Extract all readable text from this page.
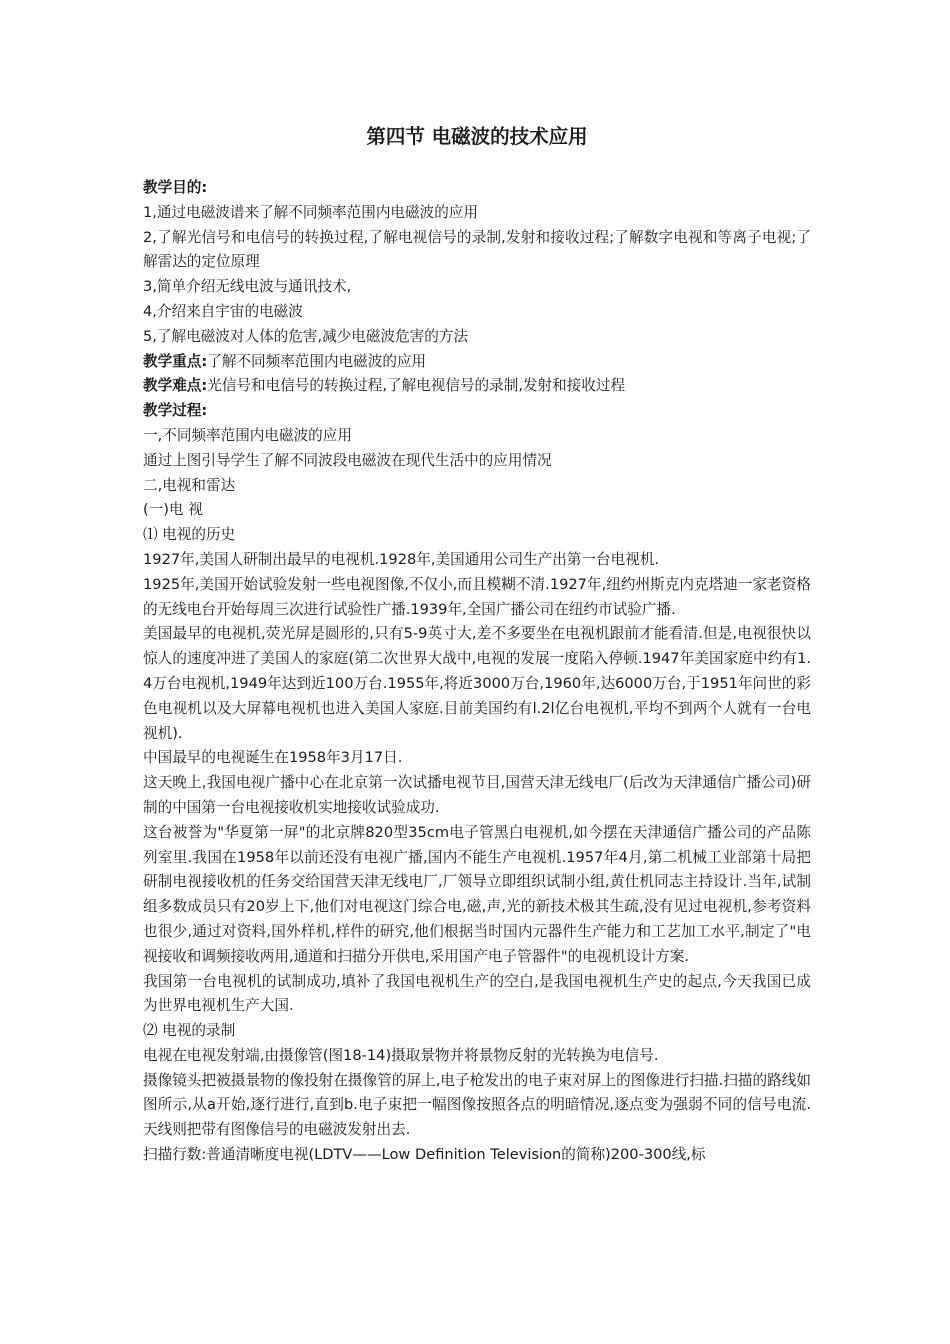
第四节 电磁波的技术应用

教学目的:

1,通过电磁波谱来了解不同频率范围内电磁波的应用

2,了解光信号和电信号的转换过程,了解电视信号的录制,发射和接收过程;了解数字电视和等离子电视;了解雷达的定位原理

3,简单介绍无线电波与通讯技术,

4,介绍来自宇宙的电磁波

5,了解电磁波对人体的危害,减少电磁波危害的方法

教学重点:了解不同频率范围内电磁波的应用

教学难点:光信号和电信号的转换过程,了解电视信号的录制,发射和接收过程

教学过程:

一,不同频率范围内电磁波的应用

通过上图引导学生了解不同波段电磁波在现代生活中的应用情况

二,电视和雷达

(一)电 视

⑴ 电视的历史

1927年,美国人研制出最早的电视机.1928年,美国通用公司生产出第一台电视机.

1925年,美国开始试验发射一些电视图像,不仅小,而且模糊不清.1927年,纽约州斯克内克塔迪一家老资格的无线电台开始每周三次进行试验性广播.1939年,全国广播公司在纽约市试验广播.

美国最早的电视机,荧光屏是圆形的,只有5-9英寸大,差不多要坐在电视机跟前才能看清.但是,电视很快以惊人的速度冲进了美国人的家庭(第二次世界大战中,电视的发展一度陷入停顿.1947年美国家庭中约有1.4万台电视机,1949年达到近100万台.1955年,将近3000万台,1960年,达6000万台,于1951年问世的彩色电视机以及大屏幕电视机也进入美国人家庭.目前美国约有l.2l亿台电视机,平均不到两个人就有一台电视机).

中国最早的电视诞生在1958年3月17日.

这天晚上,我国电视广播中心在北京第一次试播电视节目,国营天津无线电厂(后改为天津通信广播公司)研制的中国第一台电视接收机实地接收试验成功.

这台被誉为"华夏第一屏"的北京牌820型35cm电子管黑白电视机,如今摆在天津通信广播公司的产品陈列室里.我国在1958年以前还没有电视广播,国内不能生产电视机.1957年4月,第二机械工业部第十局把研制电视接收机的任务交给国营天津无线电厂,厂领导立即组织试制小组,黄仕机同志主持设计.当年,试制组多数成员只有20岁上下,他们对电视这门综合电,磁,声,光的新技术极其生疏,没有见过电视机,参考资料也很少,通过对资料,国外样机,样件的研究,他们根据当时国内元器件生产能力和工艺加工水平,制定了"电视接收和调频接收两用,通道和扫描分开供电,采用国产电子管器件"的电视机设计方案.

我国第一台电视机的试制成功,填补了我国电视机生产的空白,是我国电视机生产史的起点,今天我国已成为世界电视机生产大国.

⑵ 电视的录制

电视在电视发射端,由摄像管(图18-14)摄取景物并将景物反射的光转换为电信号.

摄像镜头把被摄景物的像投射在摄像管的屏上,电子枪发出的电子束对屏上的图像进行扫描.扫描的路线如图所示,从a开始,逐行进行,直到b.电子束把一幅图像按照各点的明暗情况,逐点变为强弱不同的信号电流.天线则把带有图像信号的电磁波发射出去.

扫描行数:普通清晰度电视(LDTV——Low Definition Television的简称)200-300线,标
